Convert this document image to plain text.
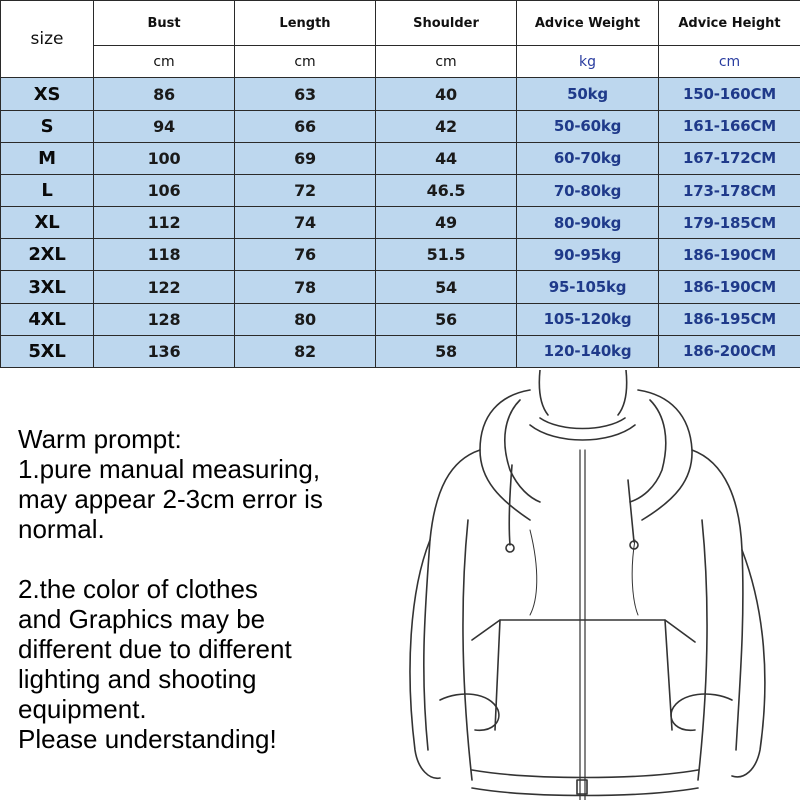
size	Bust	Length	Shoulder	Advice Weight	Advice Height
	cm	cm	cm	kg	cm
XS	86	63	40	50kg	150-160CM
S	94	66	42	50-60kg	161-166CM
M	100	69	44	60-70kg	167-172CM
L	106	72	46.5	70-80kg	173-178CM
XL	112	74	49	80-90kg	179-185CM
2XL	118	76	51.5	90-95kg	186-190CM
3XL	122	78	54	95-105kg	186-190CM
4XL	128	80	56	105-120kg	186-195CM
5XL	136	82	58	120-140kg	186-200CM

Warm prompt:

1.pure manual measuring,

may appear 2-3cm error is

normal.

2.the color of clothes

and Graphics may be

different due to different

lighting and shooting

equipment.

Please understanding!
